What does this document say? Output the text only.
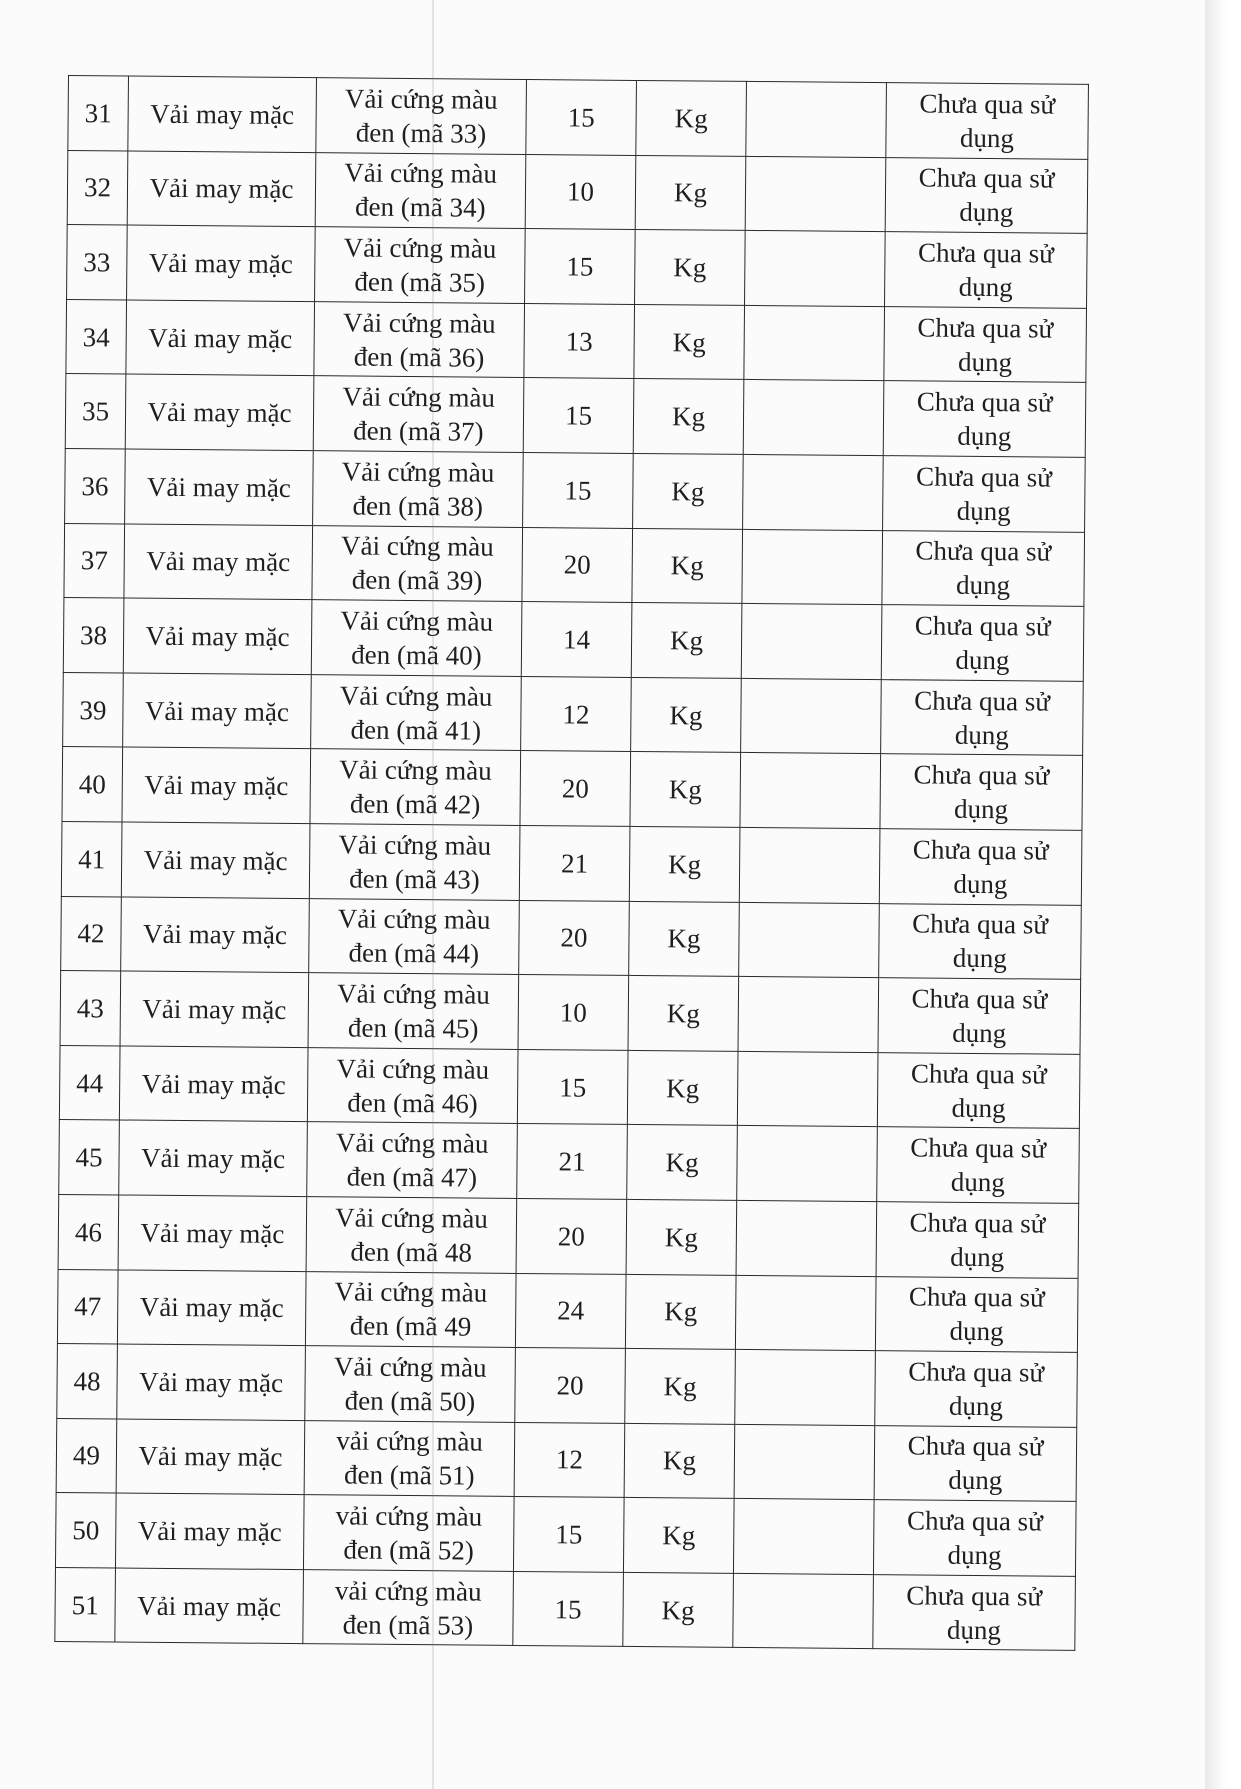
31	Vải may mặc	Vải cứng màu
đen (mã 33)	15	Kg		Chưa qua sử
dụng
32	Vải may mặc	Vải cứng màu
đen (mã 34)	10	Kg		Chưa qua sử
dụng
33	Vải may mặc	Vải cứng màu
đen (mã 35)	15	Kg		Chưa qua sử
dụng
34	Vải may mặc	Vải cứng màu
đen (mã 36)	13	Kg		Chưa qua sử
dụng
35	Vải may mặc	Vải cứng màu
đen (mã 37)	15	Kg		Chưa qua sử
dụng
36	Vải may mặc	Vải cứng màu
đen (mã 38)	15	Kg		Chưa qua sử
dụng
37	Vải may mặc	Vải cứng màu
đen (mã 39)	20	Kg		Chưa qua sử
dụng
38	Vải may mặc	Vải cứng màu
đen (mã 40)	14	Kg		Chưa qua sử
dụng
39	Vải may mặc	Vải cứng màu
đen (mã 41)	12	Kg		Chưa qua sử
dụng
40	Vải may mặc	Vải cứng màu
đen (mã 42)	20	Kg		Chưa qua sử
dụng
41	Vải may mặc	Vải cứng màu
đen (mã 43)	21	Kg		Chưa qua sử
dụng
42	Vải may mặc	Vải cứng màu
đen (mã 44)	20	Kg		Chưa qua sử
dụng
43	Vải may mặc	Vải cứng màu
đen (mã 45)	10	Kg		Chưa qua sử
dụng
44	Vải may mặc	Vải cứng màu
đen (mã 46)	15	Kg		Chưa qua sử
dụng
45	Vải may mặc	Vải cứng màu
đen (mã 47)	21	Kg		Chưa qua sử
dụng
46	Vải may mặc	Vải cứng màu
đen (mã 48	20	Kg		Chưa qua sử
dụng
47	Vải may mặc	Vải cứng màu
đen (mã 49	24	Kg		Chưa qua sử
dụng
48	Vải may mặc	Vải cứng màu
đen (mã 50)	20	Kg		Chưa qua sử
dụng
49	Vải may mặc	vải cứng màu
đen (mã 51)	12	Kg		Chưa qua sử
dụng
50	Vải may mặc	vải cứng màu
đen (mã 52)	15	Kg		Chưa qua sử
dụng
51	Vải may mặc	vải cứng màu
đen (mã 53)	15	Kg		Chưa qua sử
dụng
